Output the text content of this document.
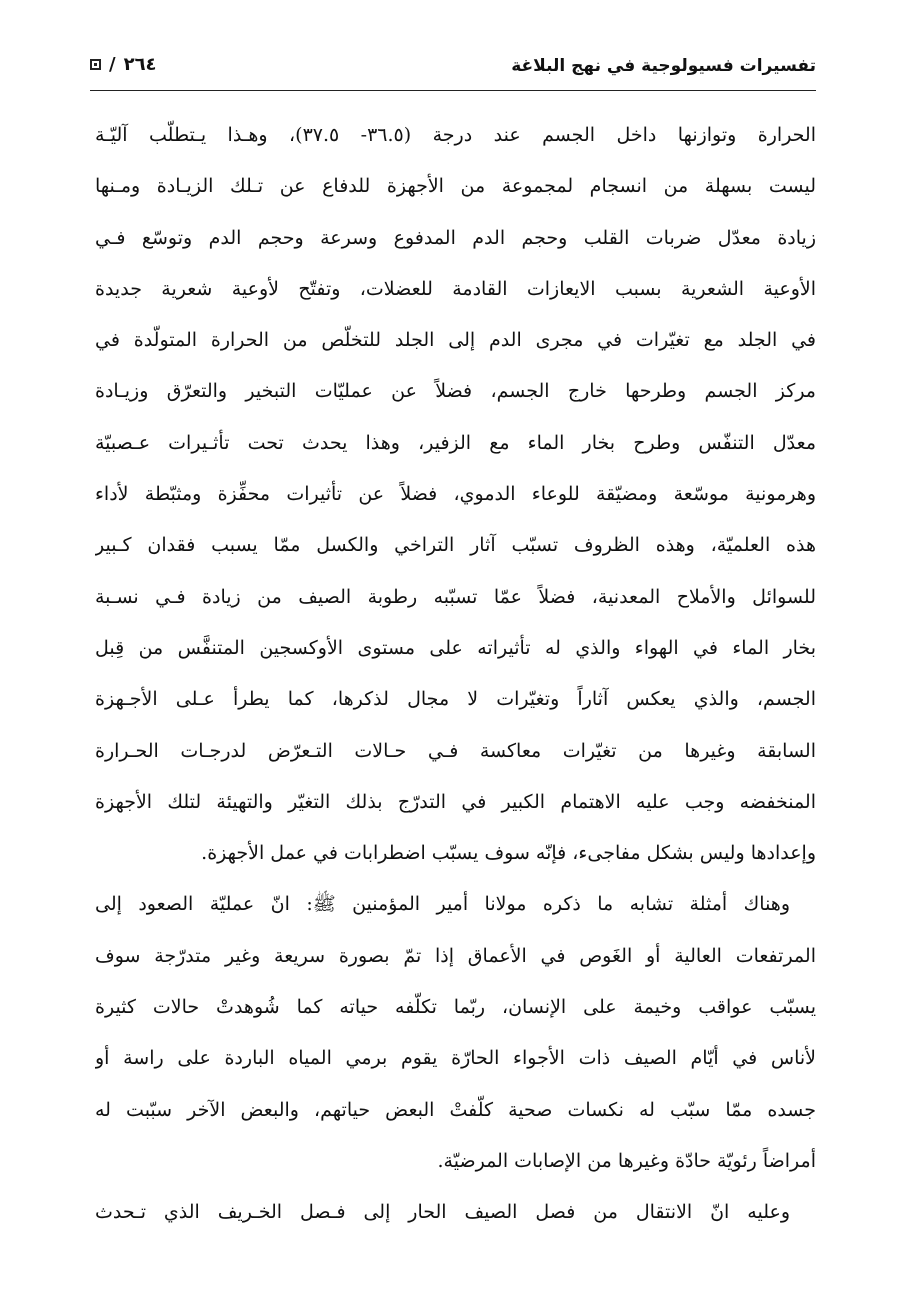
تفسيرات فسيولوجية في نهج البلاغة
/ ٢٦٤
الحرارة وتوازنها داخل الجسم عند درجة (٣٦.٥- ٣٧.٥)، وهـذا يـتطلّب آليّـة
ليست بسهلة من انسجام لمجموعة من الأجهزة للدفاع عن تـلك الزيـادة ومـنها
زيادة معدّل ضربات القلب وحجم الدم المدفوع وسرعة وحجم الدم وتوسّع فـي
الأوعية الشعرية بسبب الايعازات القادمة للعضلات، وتفتّح لأوعية شعرية جديدة
في الجلد مع تغيّرات في مجرى الدم إلى الجلد للتخلّص من الحرارة المتولّدة في
مركز الجسم وطرحها خارج الجسم، فضلاً عن عمليّات التبخير والتعرّق وزيـادة
معدّل التنفّس وطرح بخار الماء مع الزفير، وهذا يحدث تحت تأثـيرات عـصبيّة
وهرمونية موسّعة ومضيّقة للوعاء الدموي، فضلاً عن تأثيرات محفِّزة ومثبّطة لأداء
هذه العلميّة، وهذه الظروف تسبّب آثار التراخي والكسل ممّا يسبب فقدان كـبير
للسوائل والأملاح المعدنية، فضلاً عمّا تسبّبه رطوبة الصيف من زيادة فـي نسـبة
بخار الماء في الهواء والذي له تأثيراته على مستوى الأوكسجين المتنفَّس من قِبل
الجسم، والذي يعكس آثاراً وتغيّرات لا مجال لذكرها، كما يطرأ عـلى الأجـهزة
السابقة وغيرها من تغيّرات معاكسة فـي حـالات التـعرّض لدرجـات الحـرارة
المنخفضه وجب عليه الاهتمام الكبير في التدرّج بذلك التغيّر والتهيئة لتلك الأجهزة
وإعدادها وليس بشكل مفاجىء، فإنّه سوف يسبّب اضطرابات في عمل الأجهزة.
وهناك أمثلة تشابه ما ذكره مولانا أمير المؤمنين ﷺ: انّ عمليّة الصعود إلى
المرتفعات العالية أو الغَوص في الأعماق إذا تمّ بصورة سريعة وغير متدرّجة سوف
يسبّب عواقب وخيمة على الإنسان، ربّما تكلّفه حياته كما شُوهدتْ حالات كثيرة
لأناس في أيّام الصيف ذات الأجواء الحارّة يقوم برمي المياه الباردة على راسة أو
جسده ممّا سبّب له نكسات صحية كلّفتْ البعض حياتهم، والبعض الآخر سبّبت له
أمراضاً رئويّة حادّة وغيرها من الإصابات المرضيّة.
وعليه انّ الانتقال من فصل الصيف الحار إلى فـصل الخـريف الذي تـحدث
